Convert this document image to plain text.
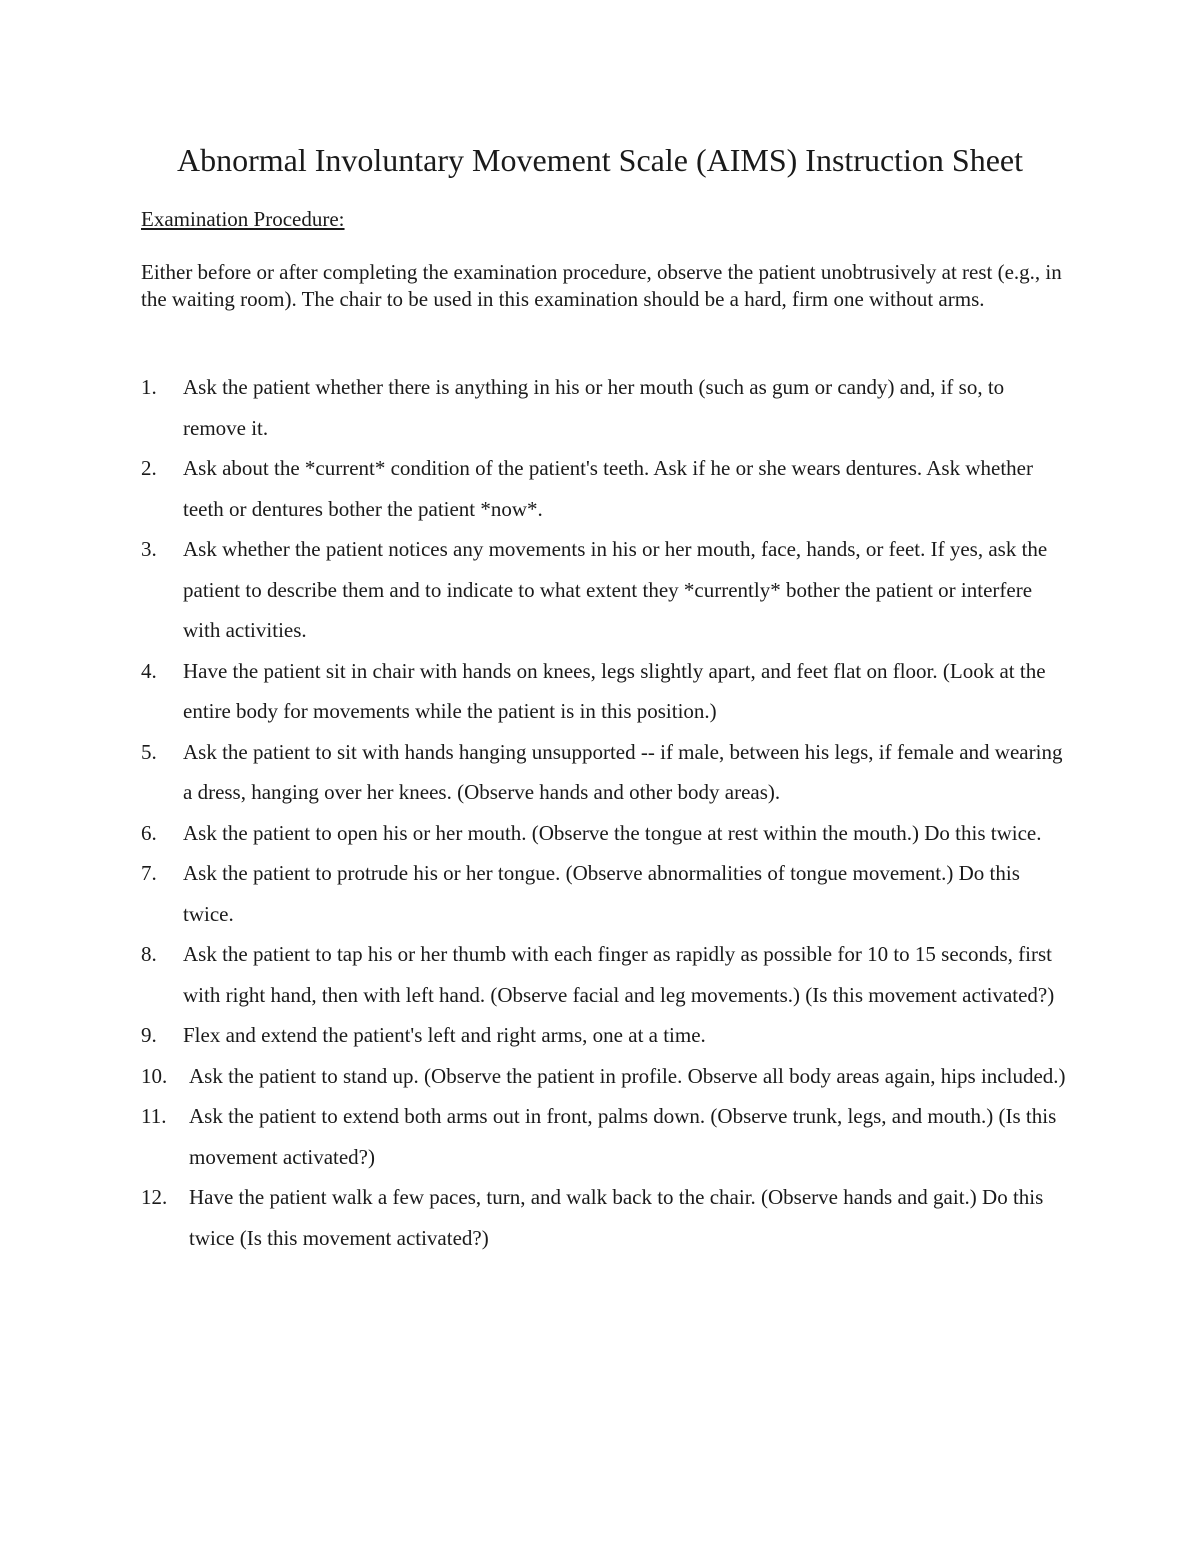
Abnormal Involuntary Movement Scale (AIMS) Instruction Sheet

Examination Procedure:

Either before or after completing the examination procedure, observe the patient unobtrusively at rest (e.g., in the waiting room). The chair to be used in this examination should be a hard, firm one without arms.

1.	Ask the patient whether there is anything in his or her mouth (such as gum or candy) and, if so, to remove it.
2.	Ask about the *current* condition of the patient's teeth. Ask if he or she wears dentures. Ask whether teeth or dentures bother the patient *now*.
3.	Ask whether the patient notices any movements in his or her mouth, face, hands, or feet. If yes, ask the patient to describe them and to indicate to what extent they *currently* bother the patient or interfere with activities.
4.	Have the patient sit in chair with hands on knees, legs slightly apart, and feet flat on floor. (Look at the entire body for movements while the patient is in this position.)
5.	Ask the patient to sit with hands hanging unsupported -- if male, between his legs, if female and wearing a dress, hanging over her knees. (Observe hands and other body areas).
6.	Ask the patient to open his or her mouth. (Observe the tongue at rest within the mouth.) Do this twice.
7.	Ask the patient to protrude his or her tongue. (Observe abnormalities of tongue movement.) Do this twice.
8.	Ask the patient to tap his or her thumb with each finger as rapidly as possible for 10 to 15 seconds, first with right hand, then with left hand. (Observe facial and leg movements.) (Is this movement activated?)
9.	Flex and extend the patient's left and right arms, one at a time.
10.	Ask the patient to stand up. (Observe the patient in profile. Observe all body areas again, hips included.)
11.	Ask the patient to extend both arms out in front, palms down. (Observe trunk, legs, and mouth.) (Is this movement activated?)
12.	Have the patient walk a few paces, turn, and walk back to the chair. (Observe hands and gait.) Do this twice (Is this movement activated?)
